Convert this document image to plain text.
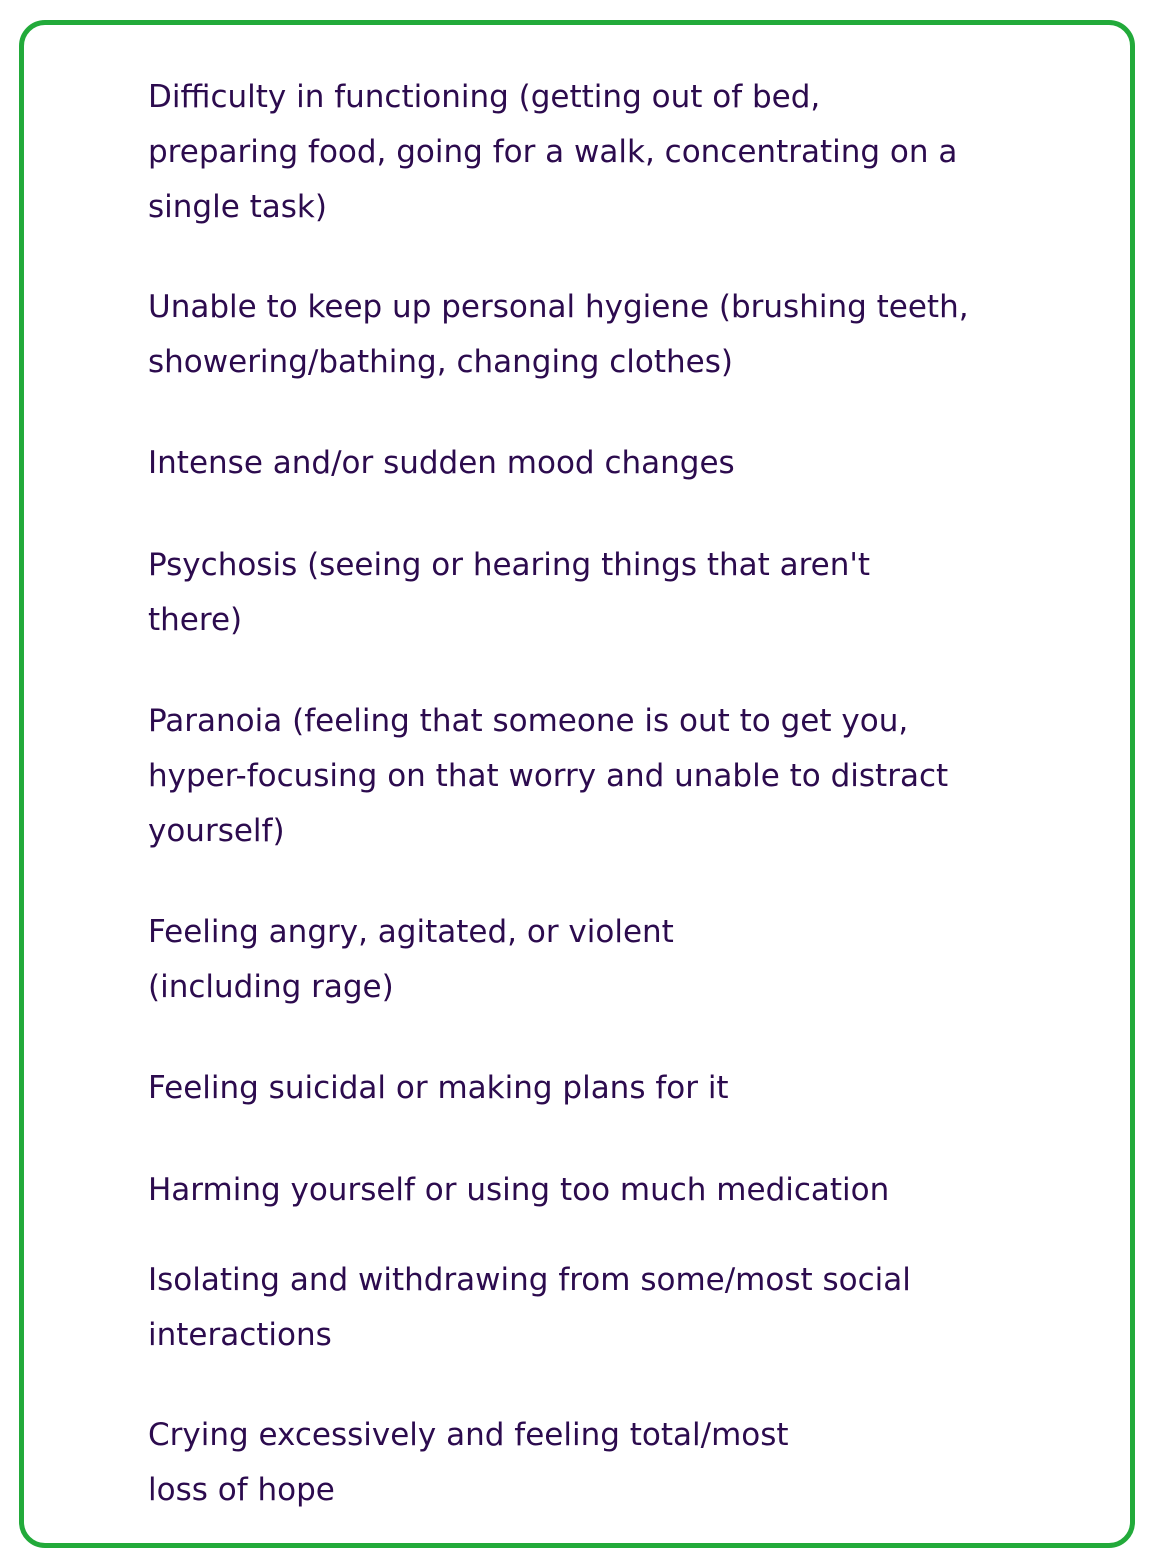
Difficulty in functioning (getting out of bed,
preparing food, going for a walk, concentrating on a
single task)

Unable to keep up personal hygiene (brushing teeth,
showering/bathing, changing clothes)

Intense and/or sudden mood changes

Psychosis (seeing or hearing things that aren't
there)

Paranoia (feeling that someone is out to get you,
hyper-focusing on that worry and unable to distract
yourself)

Feeling angry, agitated, or violent
(including rage)

Feeling suicidal or making plans for it

Harming yourself or using too much medication

Isolating and withdrawing from some/most social
interactions

Crying excessively and feeling total/most
loss of hope
